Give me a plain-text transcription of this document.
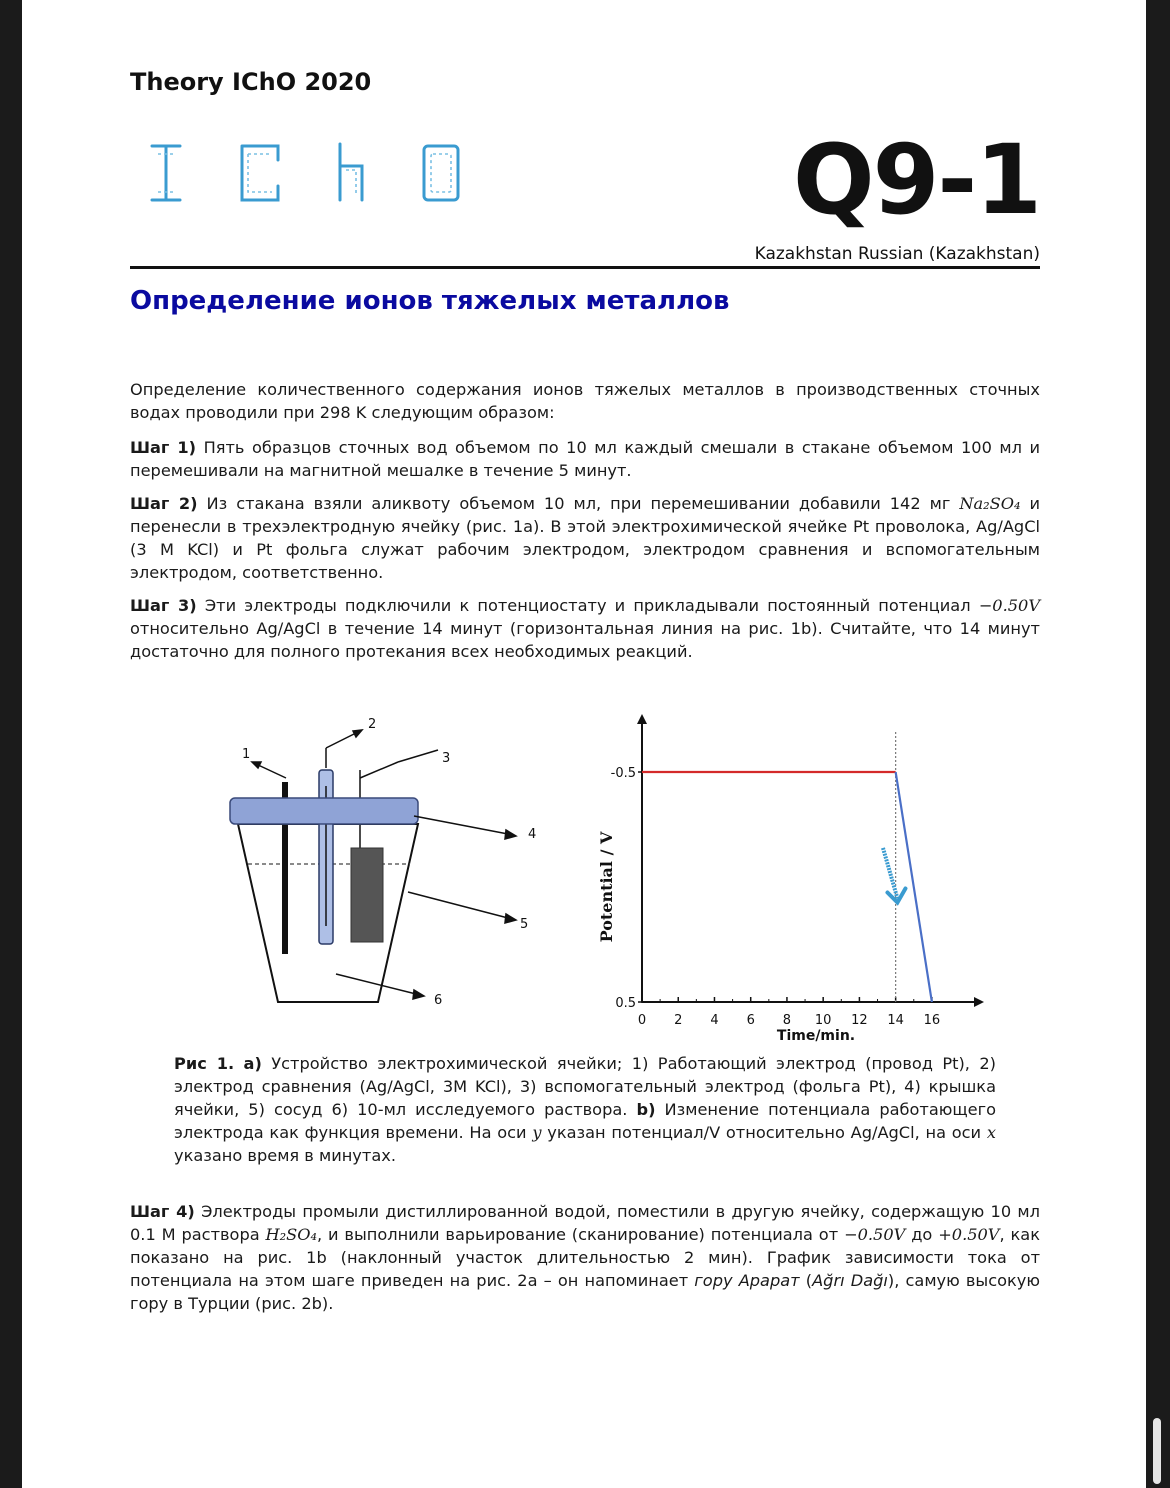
Theory IChO 2020
Q9-1
Kazakhstan Russian (Kazakhstan)
Определение ионов тяжелых металлов
Определение количественного содержания ионов тяжелых металлов в производственных сточных водах проводили при 298 K следующим образом:
Шаг 1) Пять образцов сточных вод объемом по 10 мл каждый смешали в стакане объемом 100 мл и перемешивали на магнитной мешалке в течение 5 минут.
Шаг 2) Из стакана взяли аликвоту объемом 10 мл, при перемешивании добавили 142 мг Na₂SO₄ и перенесли в трехэлектродную ячейку (рис. 1a). В этой электрохимической ячейке Pt проволока, Ag/AgCl (3 M KCl) и Pt фольга служат рабочим электродом, электродом сравнения и вспомогательным электродом, соответственно.
Шаг 3) Эти электроды подключили к потенциостату и прикладывали постоянный потенциал −0.50V относительно Ag/AgCl в течение 14 минут (горизонтальная линия на рис. 1b). Считайте, что 14 минут достаточно для полного протекания всех необходимых реакций.
1
2
3
4
5
6
0 2 4 6 8 10 12 14 16
-0.5
0.5
Time/min.
Potential / V
Рис 1. a) Устройство электрохимической ячейки; 1) Работающий электрод (провод Pt), 2) электрод сравнения (Ag/AgCl, 3M KCl), 3) вспомогательный электрод (фольга Pt), 4) крышка ячейки, 5) сосуд 6) 10-мл исследуемого раствора. b) Изменение потенциала работающего электрода как функция времени. На оси y указан потенциал/V относительно Ag/AgCl, на оси x указано время в минутах.
Шаг 4) Электроды промыли дистиллированной водой, поместили в другую ячейку, содержащую 10 мл 0.1 M раствора H₂SO₄, и выполнили варьирование (сканирование) потенциала от −0.50V до +0.50V, как показано на рис. 1b (наклонный участок длительностью 2 мин). График зависимости тока от потенциала на этом шаге приведен на рис. 2a – он напоминает гору Арарат (Ağrı Dağı), самую высокую гору в Турции (рис. 2b).
